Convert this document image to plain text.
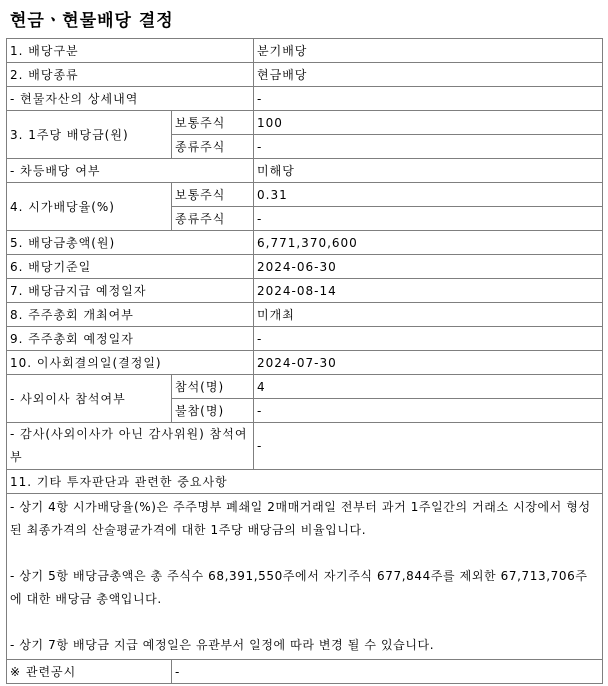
현금ㆍ현물배당 결정
1. 배당구분		분기배당
2. 배당종류		현금배당
- 현물자산의 상세내역		-
3. 1주당 배당금(원)	보통주식	100
	종류주식	-
- 차등배당 여부		미해당
4. 시가배당율(%)	보통주식	0.31
	종류주식	-
5. 배당금총액(원)		6,771,370,600
6. 배당기준일		2024-06-30
7. 배당금지급 예정일자		2024-08-14
8. 주주총회 개최여부		미개최
9. 주주총회 예정일자		-
10. 이사회결의일(결정일)		2024-07-30
- 사외이사 참석여부	참석(명)	4
	불참(명)	-
- 감사(사외이사가 아닌 감사위원) 참석여부		-
11. 기타 투자판단과 관련한 중요사항		

- 상기 4항 시가배당율(%)은 주주명부 폐쇄일 2매매거래일 전부터 과거 1주일간의 거래소 시장에서 형성된 최종가격의 산술평균가격에 대한 1주당 배당금의 비율입니다.
- 상기 5항 배당금총액은 총 주식수 68,391,550주에서 자기주식 677,844주를 제외한 67,713,706주에 대한 배당금 총액입니다.
- 상기 7항 배당금 지급 예정일은 유관부서 일정에 따라 변경 될 수 있습니다.		

※ 관련공시	-	
